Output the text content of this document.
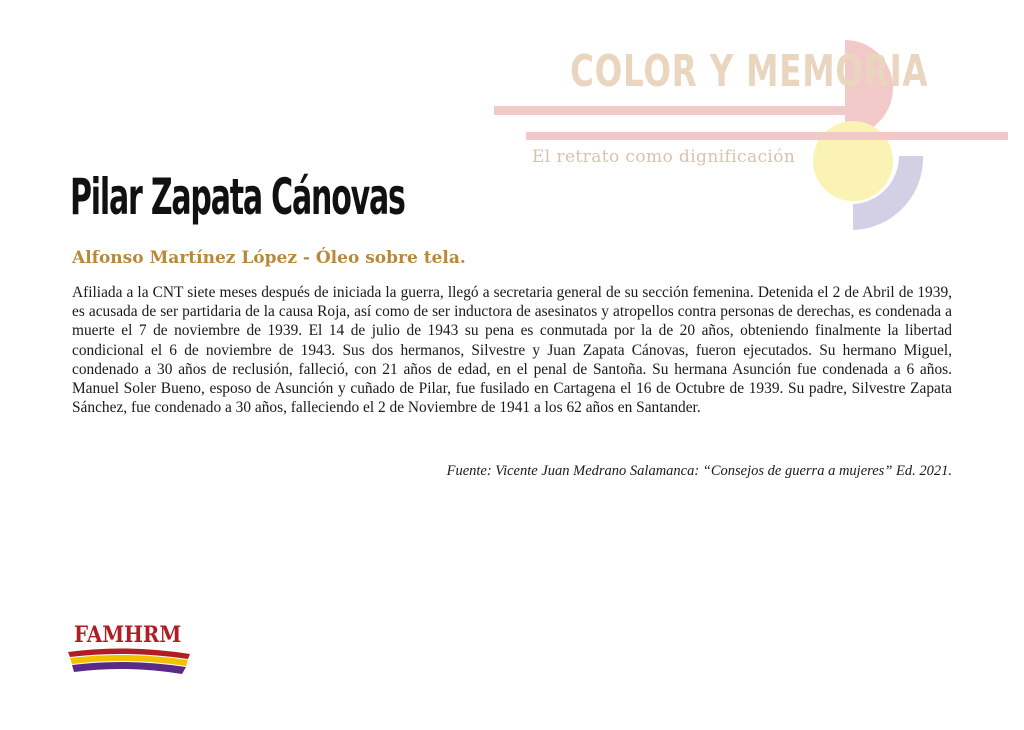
COLOR Y MEMORIA
El retrato como dignificación
Pilar Zapata Cánovas
Alfonso Martínez López - Óleo sobre tela.

Afiliada a la CNT siete meses después de iniciada la guerra, llegó a secretaria general de su sección femenina. Detenida el 2 de Abril de 1939, es acusada de ser partidaria de la causa Roja, así como de ser inductora de asesinatos y atropellos contra personas de derechas, es condenada a muerte el 7 de noviembre de 1939. El 14 de julio de 1943 su pena es conmutada por la de 20 años, obteniendo finalmente la libertad condicional el 6 de noviembre de 1943. Sus dos hermanos, Silvestre y Juan Zapata Cánovas, fueron ejecutados. Su hermano Miguel, condenado a 30 años de reclusión, falleció, con 21 años de edad, en el penal de Santoña. Su hermana Asunción fue condenada a 6 años. Manuel Soler Bueno, esposo de Asunción y cuñado de Pilar, fue fusilado en Cartagena el 16 de Octubre de 1939. Su padre, Silvestre Zapata Sánchez, fue condenado a 30 años, falleciendo el 2 de Noviembre de 1941 a los 62 años en Santander.

Fuente: Vicente Juan Medrano Salamanca: “Consejos de guerra a mujeres” Ed. 2021.

FAMHRM
